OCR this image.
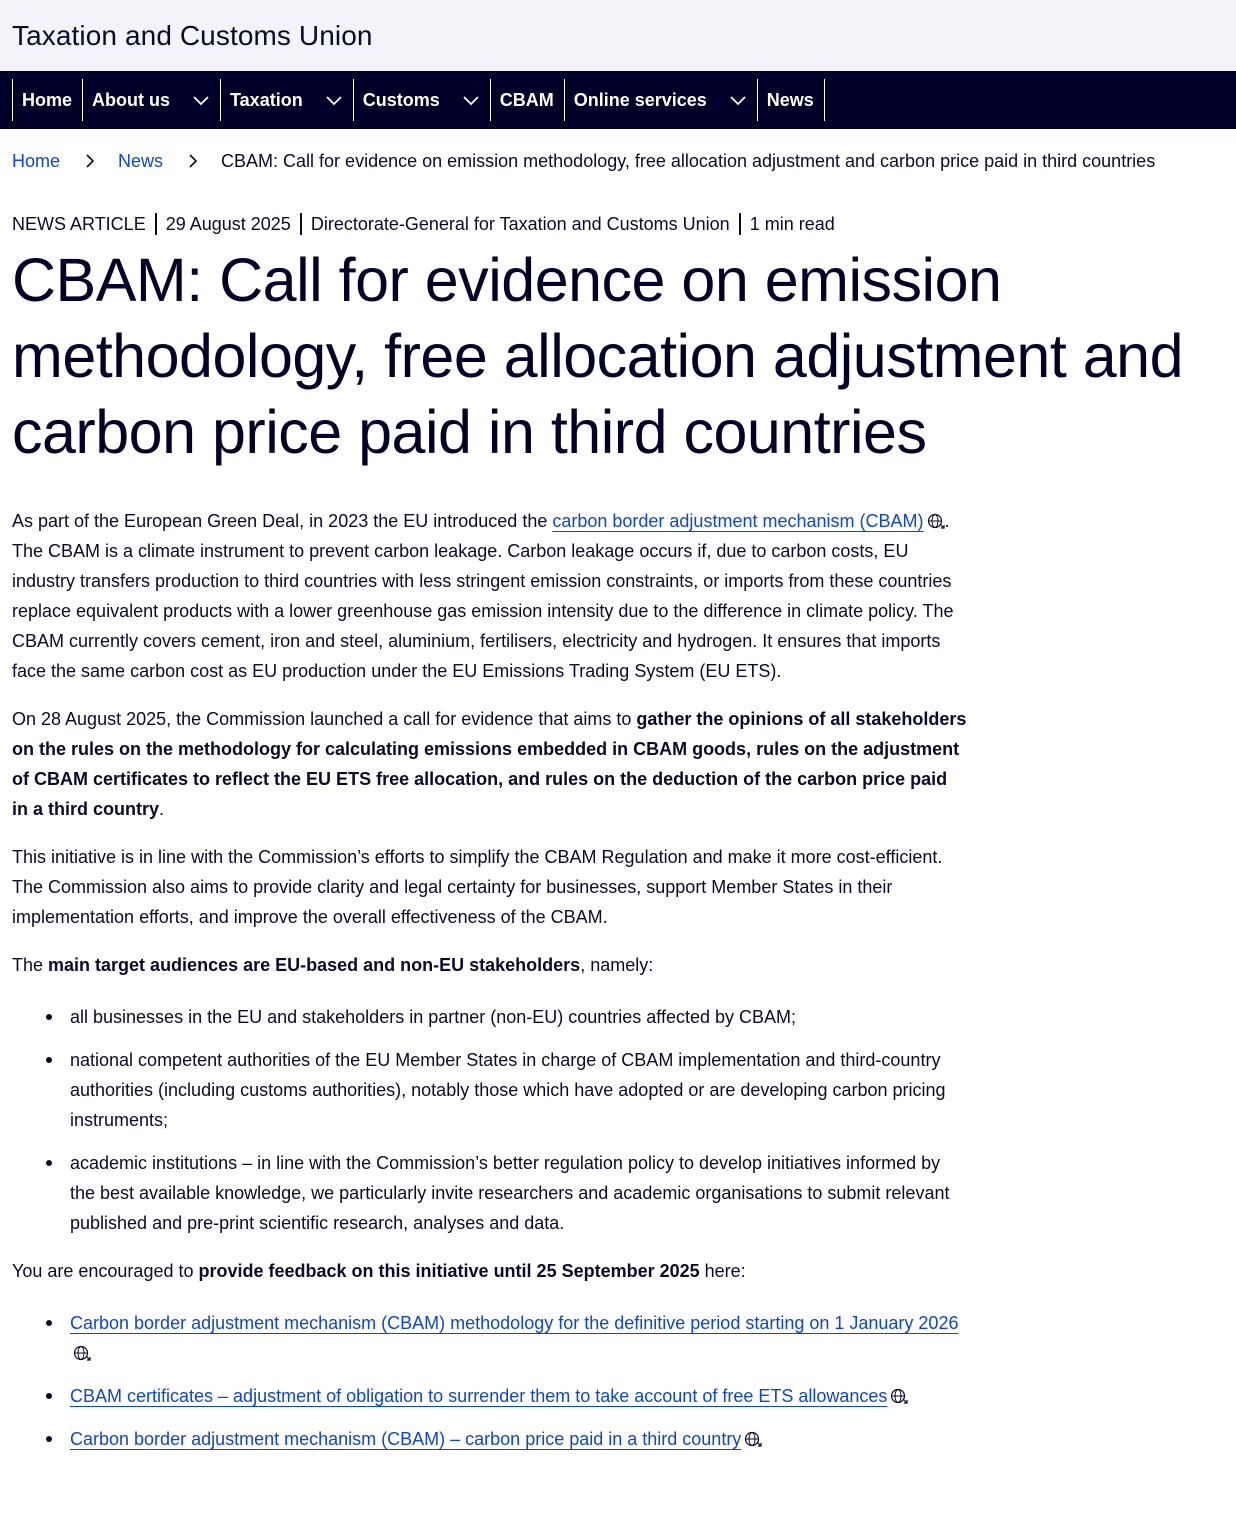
Taxation and Customs Union
Home About us	Taxation	Customs	CBAM Online services	News
Home	News	CBAM: Call for evidence on emission methodology, free allocation adjustment and carbon price paid in third countries
NEWS ARTICLE 29 August 2025 Directorate-General for Taxation and Customs Union 1 min read
CBAM: Call for evidence on emission methodology, free allocation adjustment and carbon price paid in third countries

As part of the European Green Deal, in 2023 the EU introduced the carbon border adjustment mechanism (CBAM) . The CBAM is a climate instrument to prevent carbon leakage. Carbon leakage occurs if, due to carbon costs, EU industry transfers production to third countries with less stringent emission constraints, or imports from these countries replace equivalent products with a lower greenhouse gas emission intensity due to the difference in climate policy. The CBAM currently covers cement, iron and steel, aluminium, fertilisers, electricity and hydrogen. It ensures that imports face the same carbon cost as EU production under the EU Emissions Trading System (EU ETS).

On 28 August 2025, the Commission launched a call for evidence that aims to gather the opinions of all stakeholders on the rules on the methodology for calculating emissions embedded in CBAM goods, rules on the adjustment of CBAM certificates to reflect the EU ETS free allocation, and rules on the deduction of the carbon price paid in a third country.

This initiative is in line with the Commission’s efforts to simplify the CBAM Regulation and make it more cost-efficient. The Commission also aims to provide clarity and legal certainty for businesses, support Member States in their implementation efforts, and improve the overall effectiveness of the CBAM.

The main target audiences are EU-based and non-EU stakeholders, namely:

all businesses in the EU and stakeholders in partner (non-EU) countries affected by CBAM;
national competent authorities of the EU Member States in charge of CBAM implementation and third-country authorities (including customs authorities), notably those which have adopted or are developing carbon pricing instruments;
academic institutions – in line with the Commission’s better regulation policy to develop initiatives informed by the best available knowledge, we particularly invite researchers and academic organisations to submit relevant published and pre-print scientific research, analyses and data.

You are encouraged to provide feedback on this initiative until 25 September 2025 here:

Carbon border adjustment mechanism (CBAM) methodology for the definitive period starting on 1 January 2026
CBAM certificates – adjustment of obligation to surrender them to take account of free ETS allowances
Carbon border adjustment mechanism (CBAM) – carbon price paid in a third country
